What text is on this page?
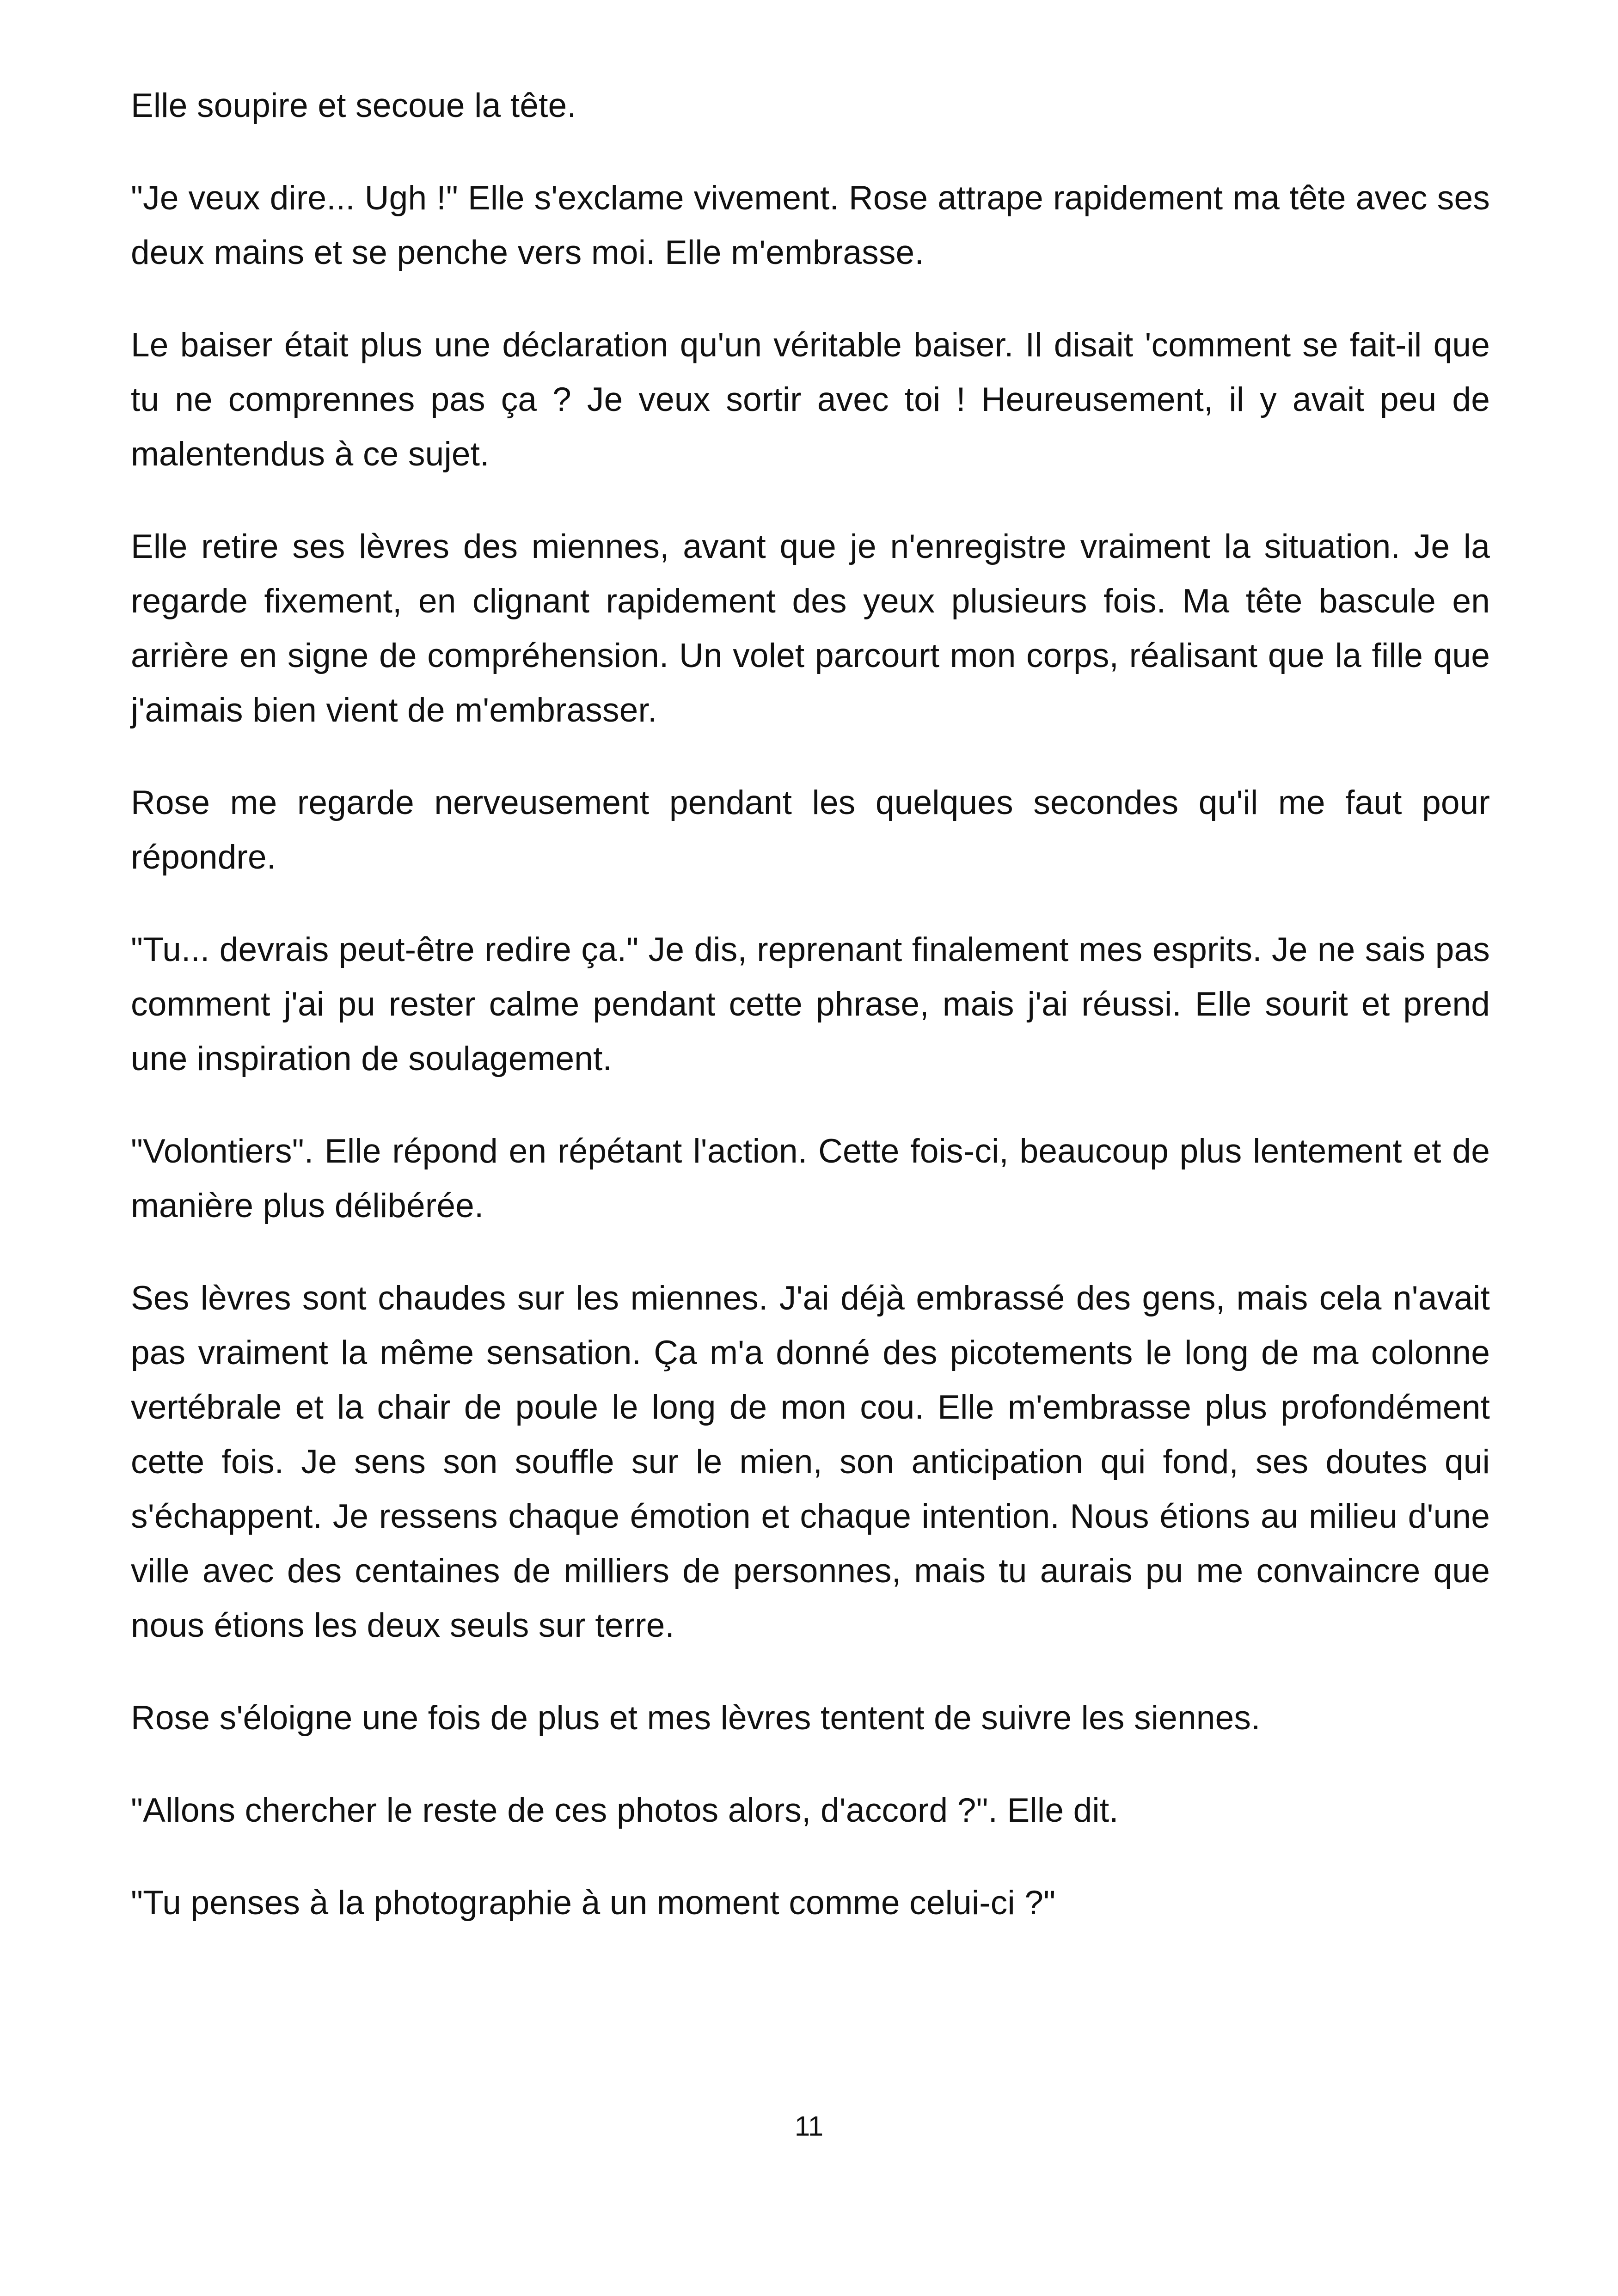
Elle soupire et secoue la tête.

"Je veux dire... Ugh !" Elle s'exclame vivement. Rose attrape rapidement ma tête avec ses deux mains et se penche vers moi. Elle m'embrasse.

Le baiser était plus une déclaration qu'un véritable baiser. Il disait 'comment se fait-il que tu ne comprennes pas ça ? Je veux sortir avec toi ! Heureusement, il y avait peu de malentendus à ce sujet.

Elle retire ses lèvres des miennes, avant que je n'enregistre vraiment la situation. Je la regarde fixement, en clignant rapidement des yeux plusieurs fois. Ma tête bascule en arrière en signe de compréhension. Un volet parcourt mon corps, réalisant que la fille que j'aimais bien vient de m'embrasser.

Rose me regarde nerveusement pendant les quelques secondes qu'il me faut pour répondre.

"Tu... devrais peut-être redire ça." Je dis, reprenant finalement mes esprits. Je ne sais pas comment j'ai pu rester calme pendant cette phrase, mais j'ai réussi. Elle sourit et prend une inspiration de soulagement.

"Volontiers". Elle répond en répétant l'action. Cette fois-ci, beaucoup plus lentement et de manière plus délibérée.

Ses lèvres sont chaudes sur les miennes. J'ai déjà embrassé des gens, mais cela n'avait pas vraiment la même sensation. Ça m'a donné des picotements le long de ma colonne vertébrale et la chair de poule le long de mon cou. Elle m'embrasse plus profondément cette fois. Je sens son souffle sur le mien, son anticipation qui fond, ses doutes qui s'échappent. Je ressens chaque émotion et chaque intention. Nous étions au milieu d'une ville avec des centaines de milliers de personnes, mais tu aurais pu me convaincre que nous étions les deux seuls sur terre.

Rose s'éloigne une fois de plus et mes lèvres tentent de suivre les siennes.

"Allons chercher le reste de ces photos alors, d'accord ?". Elle dit.

"Tu penses à la photographie à un moment comme celui-ci ?"

11
